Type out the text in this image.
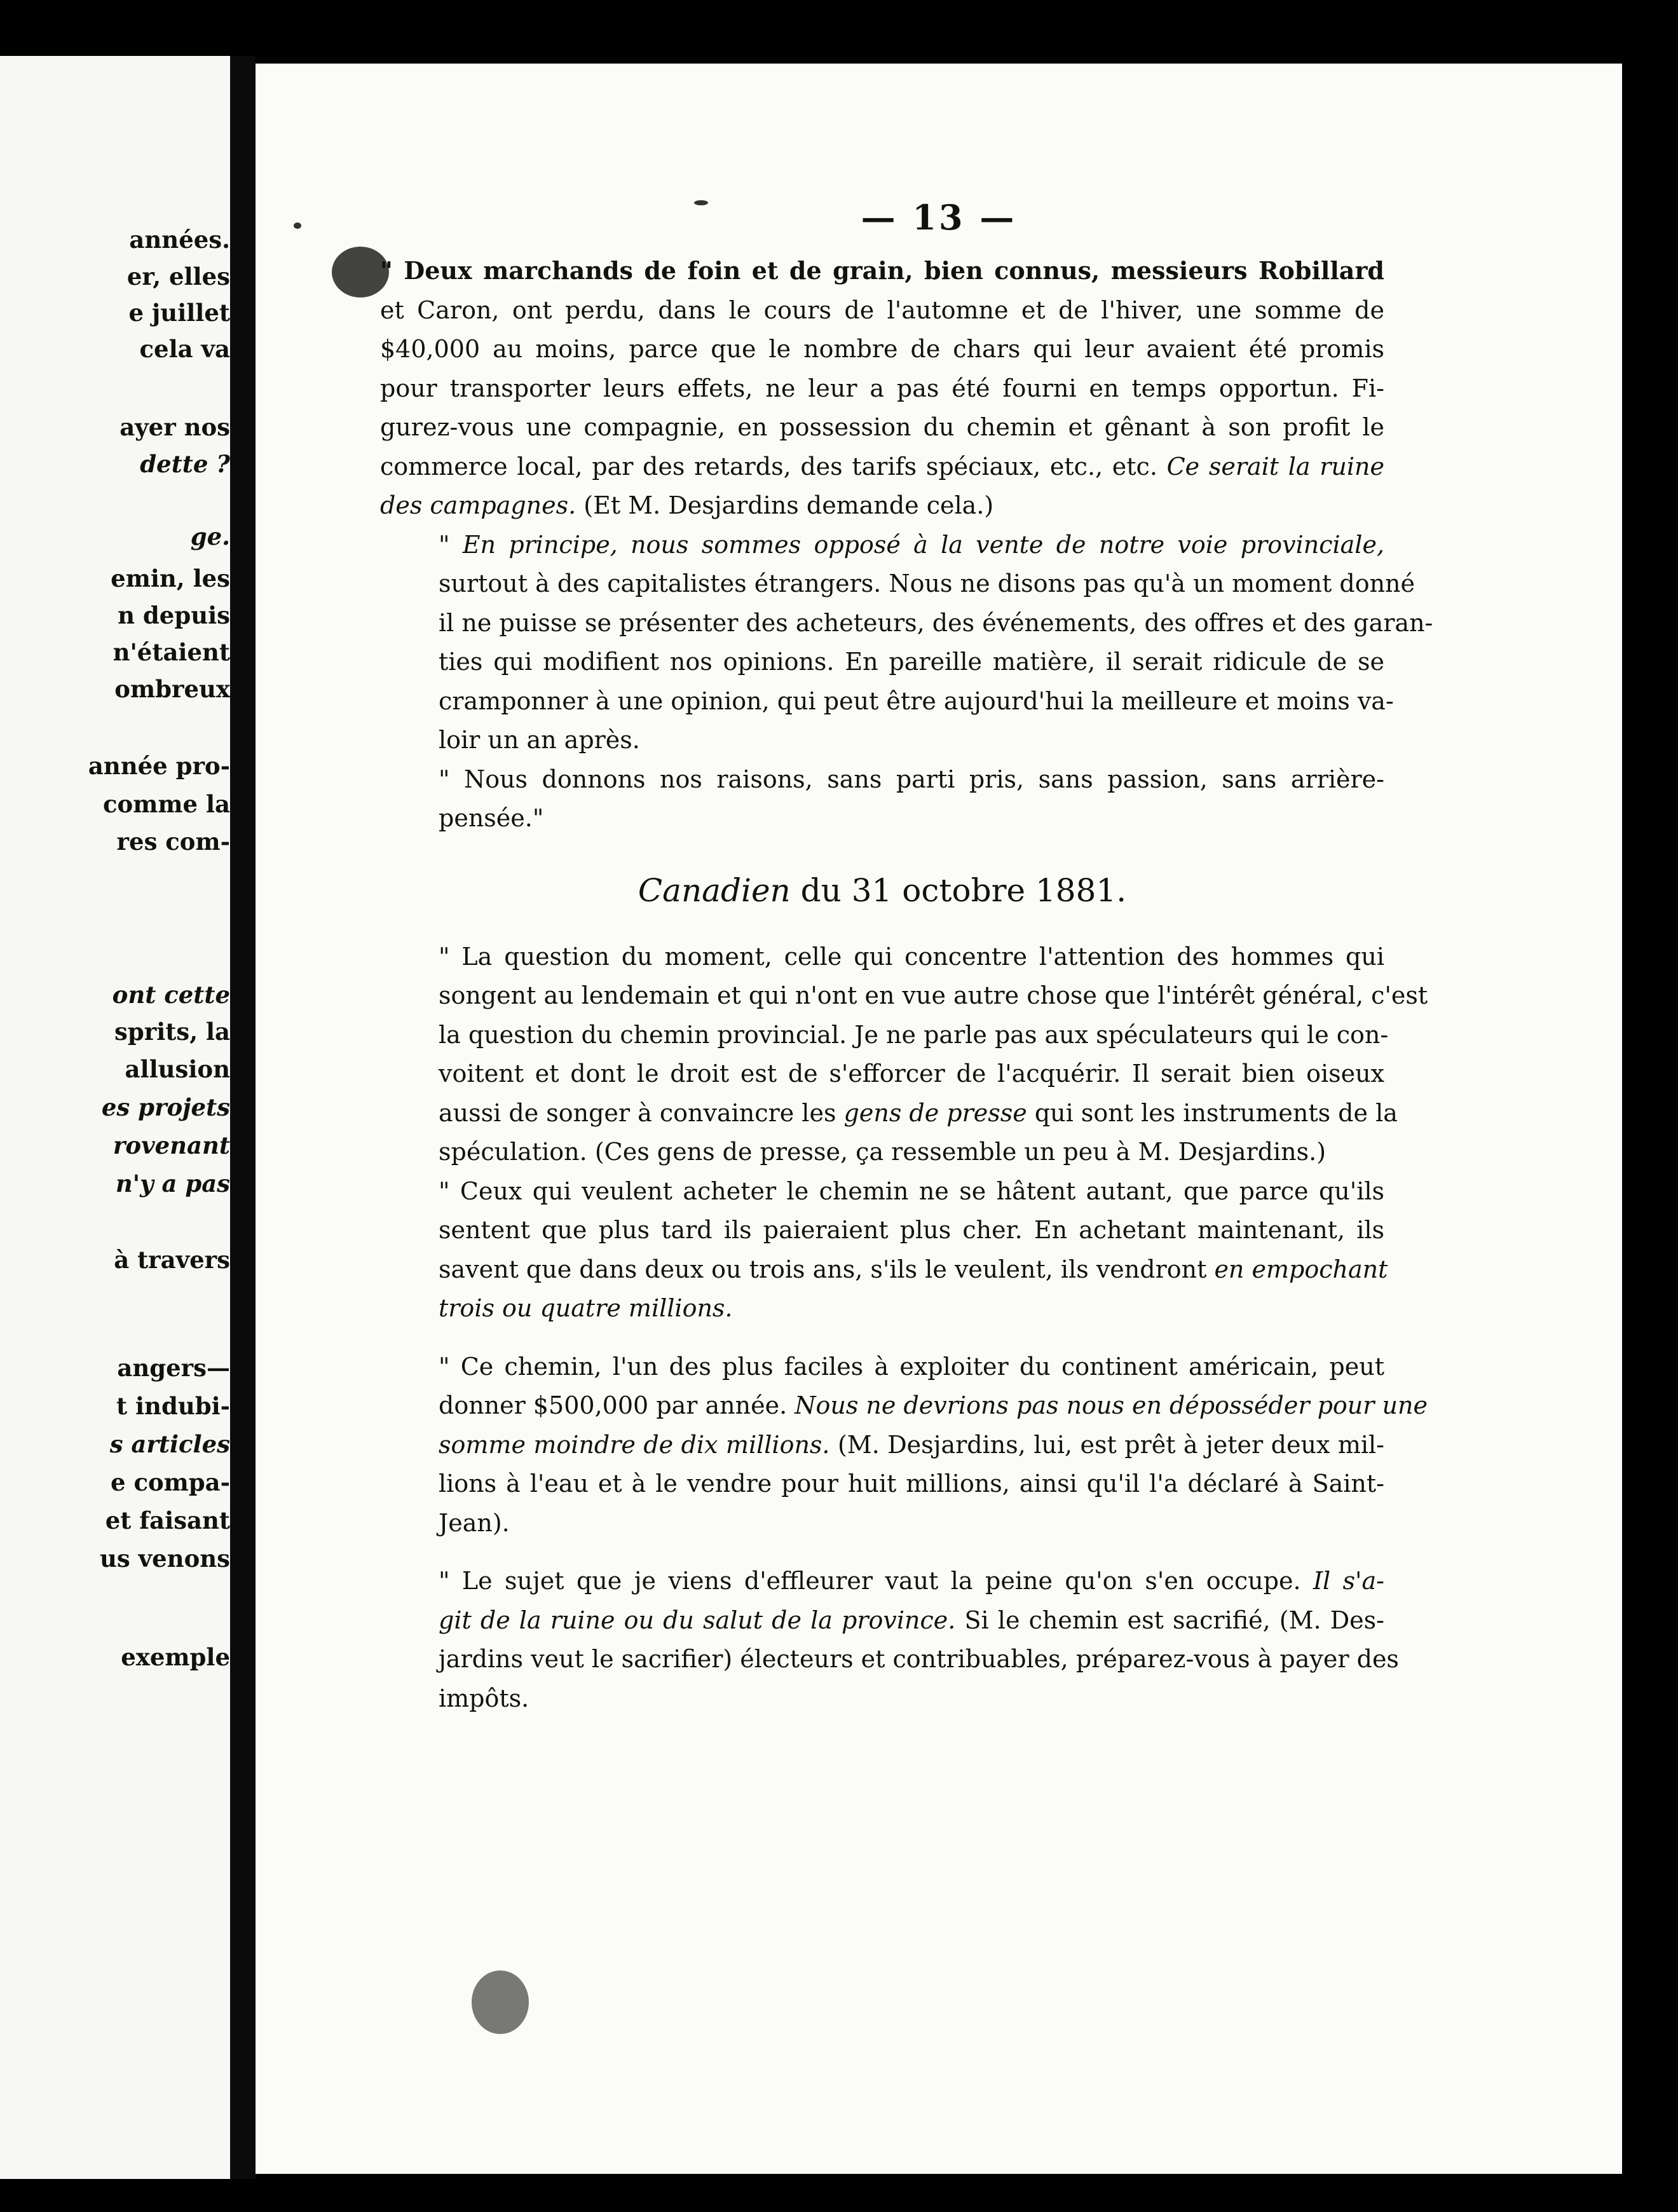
années.
er, elles
e juillet
cela va
ayer nos
dette ?
ge.
emin, les
n depuis
n'étaient
ombreux
année pro-
comme la
res com-
ont cette
sprits, la
allusion
es projets
rovenant
n'y a pas
à travers
angers—
t indubi-
s articles
e compa-
et faisant
us venons
exemple
— 13 —

" Deux marchands de foin et de grain, bien connus, messieurs Robillard
et Caron, ont perdu, dans le cours de l'automne et de l'hiver, une somme de
$40,000 au moins, parce que le nombre de chars qui leur avaient été promis
pour transporter leurs effets, ne leur a pas été fourni en temps opportun. Fi-
gurez-vous une compagnie, en possession du chemin et gênant à son profit le
commerce local, par des retards, des tarifs spéciaux, etc., etc. Ce serait la ruine
des campagnes. (Et M. Desjardins demande cela.)

" En principe, nous sommes opposé à la vente de notre voie provinciale,
surtout à des capitalistes étrangers. Nous ne disons pas qu'à un moment donné
il ne puisse se présenter des acheteurs, des événements, des offres et des garan-
ties qui modifient nos opinions. En pareille matière, il serait ridicule de se
cramponner à une opinion, qui peut être aujourd'hui la meilleure et moins va-
loir un an après.

" Nous donnons nos raisons, sans parti pris, sans passion, sans arrière-
pensée."

Canadien du 31 octobre 1881.

" La question du moment, celle qui concentre l'attention des hommes qui
songent au lendemain et qui n'ont en vue autre chose que l'intérêt général, c'est
la question du chemin provincial. Je ne parle pas aux spéculateurs qui le con-
voitent et dont le droit est de s'efforcer de l'acquérir. Il serait bien oiseux
aussi de songer à convaincre les gens de presse qui sont les instruments de la
spéculation. (Ces gens de presse, ça ressemble un peu à M. Desjardins.)

" Ceux qui veulent acheter le chemin ne se hâtent autant, que parce qu'ils
sentent que plus tard ils paieraient plus cher. En achetant maintenant, ils
savent que dans deux ou trois ans, s'ils le veulent, ils vendront en empochant
trois ou quatre millions.

" Ce chemin, l'un des plus faciles à exploiter du continent américain, peut
donner $500,000 par année. Nous ne devrions pas nous en déposséder pour une
somme moindre de dix millions. (M. Desjardins, lui, est prêt à jeter deux mil-
lions à l'eau et à le vendre pour huit millions, ainsi qu'il l'a déclaré à Saint-
Jean).

" Le sujet que je viens d'effleurer vaut la peine qu'on s'en occupe. Il s'a-
git de la ruine ou du salut de la province. Si le chemin est sacrifié, (M. Des-
jardins veut le sacrifier) électeurs et contribuables, préparez-vous à payer des
impôts.
